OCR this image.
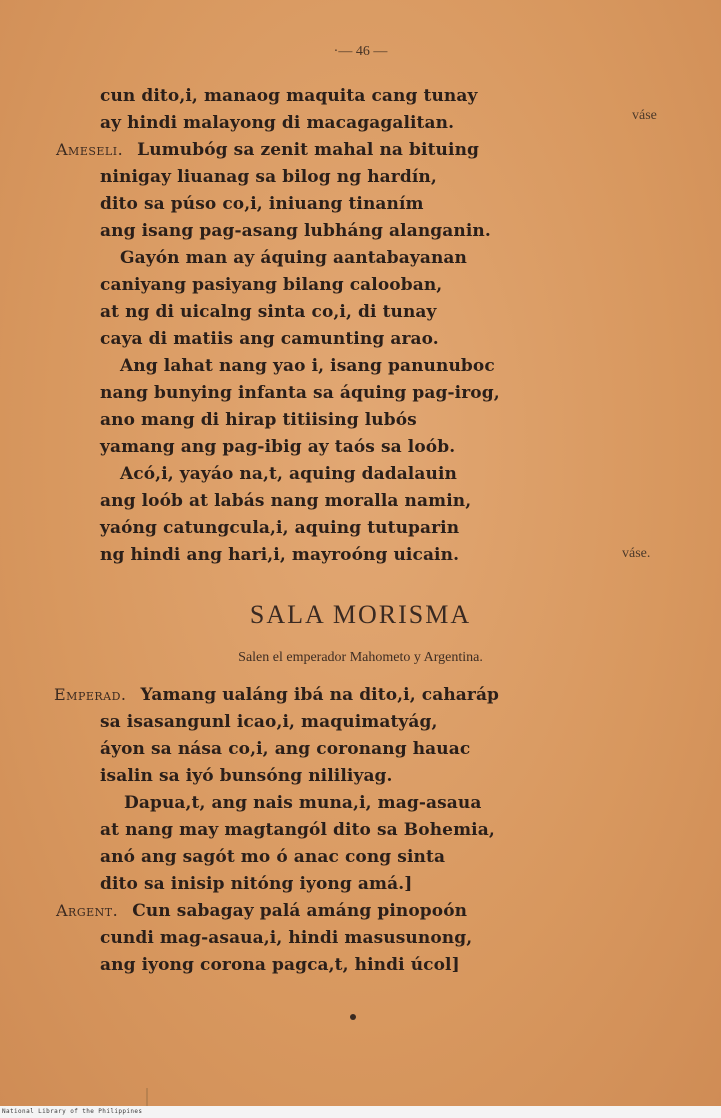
·— 46 —
cun dito,i, manaog maquita cang tunay
ay hindi malayong di macagagalitan.
Ameseli. Lumubóg sa zenit mahal na bituing
ninigay liuanag sa bilog ng hardín,
dito sa púso co,i, iniuang tinaním
ang isang pag-asang lubháng alanganin.
Gayón man ay áquing aantabayanan
caniyang pasiyang bilang calooban,
at ng di uicalng sinta co,i, di tunay
caya di matiis ang camunting arao.
Ang lahat nang yao i, isang panunuboc
nang bunying infanta sa áquing pag-irog,
ano mang di hirap titiising lubós
yamang ang pag-ibig ay taós sa loób.
Acó,i, yayáo na,t, aquing dadalauin
ang loób at labás nang moralla namin,
yaóng catungcula,i, aquing tutuparin
ng hindi ang hari,i, mayroóng uicain.
váse
váse.
SALA MORISMA
Salen el emperador Mahometo y Argentina.
Emperad. Yamang ualáng ibá na dito,i, caharáp
sa isasangunl icao,i, maquimatyág,
áyon sa nása co,i, ang coronang hauac
isalin sa iyó bunsóng nililiyag.
Dapua,t, ang nais muna,i, mag-asaua
at nang may magtangól dito sa Bohemia,
anó ang sagót mo ó anac cong sinta
dito sa inisip nitóng iyong amá.]
Argent. Cun sabagay palá amáng pinopoón
cundi mag-asaua,i, hindi masusunong,
ang iyong corona pagca,t, hindi úcol]
National Library of the Philippines
